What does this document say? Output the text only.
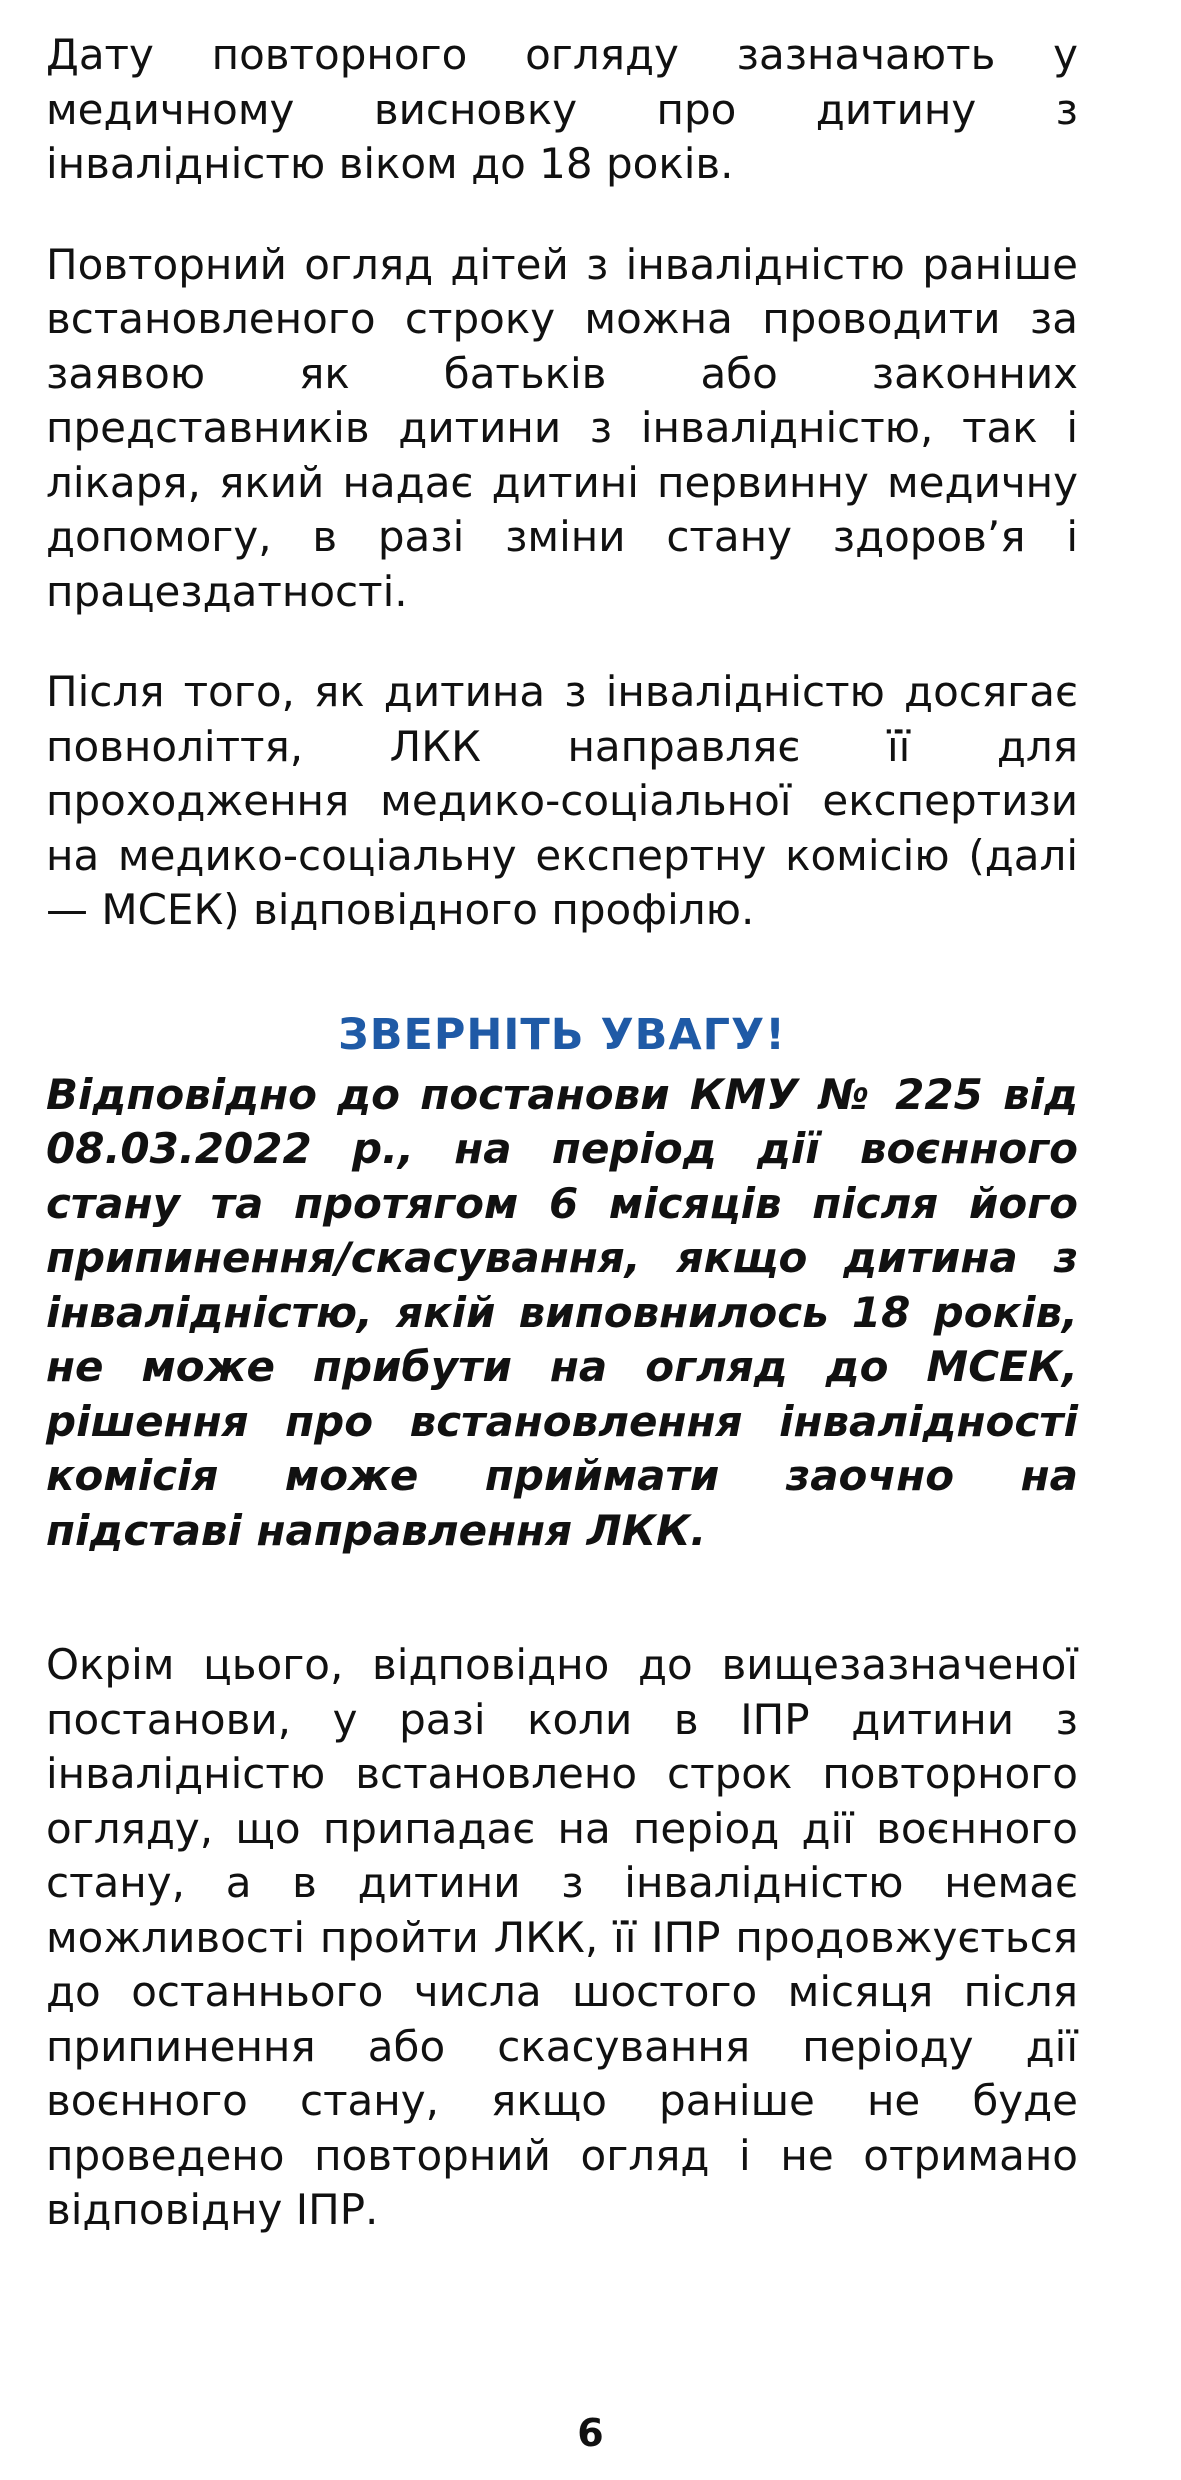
Дату повторного огляду зазначають у медичному висновку про дитину з інвалідністю віком до 18 років.

Повторний огляд дітей з інвалідністю раніше встановленого строку можна проводити за заявою як батьків або законних представників дитини з інвалідністю, так і лікаря, який надає дитині первинну медичну допомогу, в разі зміни стану здоров’я і працездатності.

Після того, як дитина з інвалідністю досягає повноліття, ЛКК направляє її для проходження медико-соціальної експертизи на медико-соціальну експертну комісію (далі — МСЕК) відповідного профілю.

ЗВЕРНІТЬ УВАГУ!

Відповідно до постанови КМУ № 225 від 08.03.2022 р., на період дії воєнного стану та протягом 6 місяців після його припинення/скасування, якщо дитина з інвалідністю, якій виповнилось 18 років, не може прибути на огляд до МСЕК, рішення про встановлення інвалідності комісія може приймати заочно на підставі направлення ЛКК.

Окрім цього, відповідно до вищезазначеної постанови, у разі коли в ІПР дитини з інвалідністю встановлено строк повторного огляду, що припадає на період дії воєнного стану, а в дитини з інвалідністю немає можливості пройти ЛКК, її ІПР продовжується до останнього числа шостого місяця після припинення або скасування періоду дії воєнного стану, якщо раніше не буде проведено повторний огляд і не отримано відповідну ІПР.

6
